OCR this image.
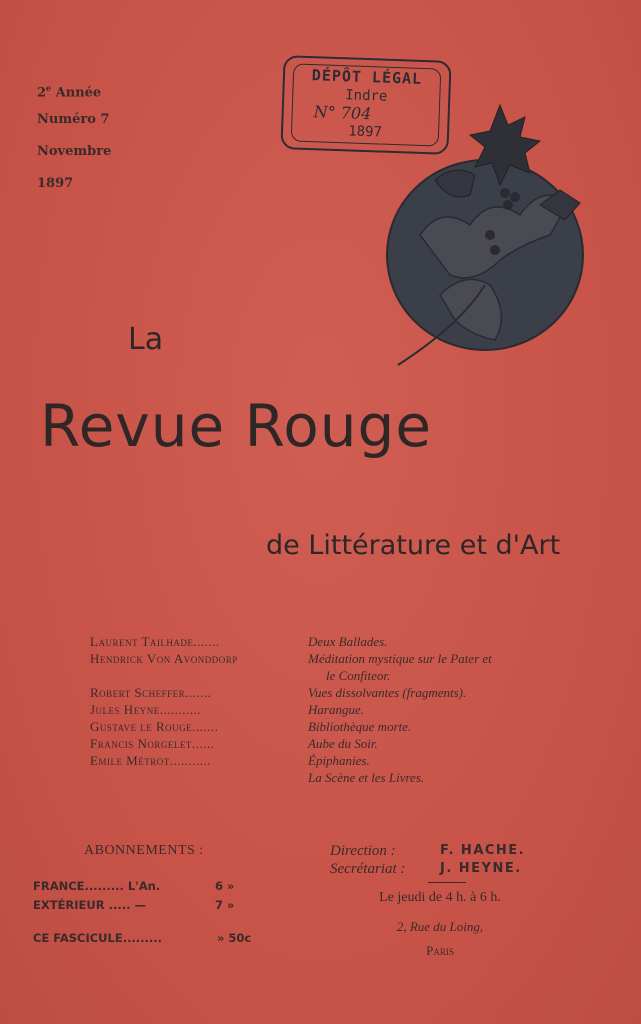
2e Année
Numéro 7
Novembre
1897
DÉPÔT LÉGAL
Indre
N° 704
1897
La
Revue Rouge
de Littérature et d'Art
Laurent Tailhade.......	Deux Ballades.
Hendrick Von Avonddorp	Méditation mystique sur le Pater et
le Confiteor.
Robert Scheffer.......	Vues dissolvantes (fragments).
Jules Heyne...........	Harangue.
Gustave le Rouge.......	Bibliothèque morte.
Francis Norgelet......	Aube du Soir.
Emile Métrot...........	Épiphanies.
La Scène et les Livres.
ABONNEMENTS :
FRANCE......... L'An.	6 »
EXTÉRIEUR ..... —	7 »
CE FASCICULE.........	» 50c
Direction :	F. HACHE.
Secrétariat :	J. HEYNE.
Le jeudi de 4 h. à 6 h.
2, Rue du Loing,
Paris
